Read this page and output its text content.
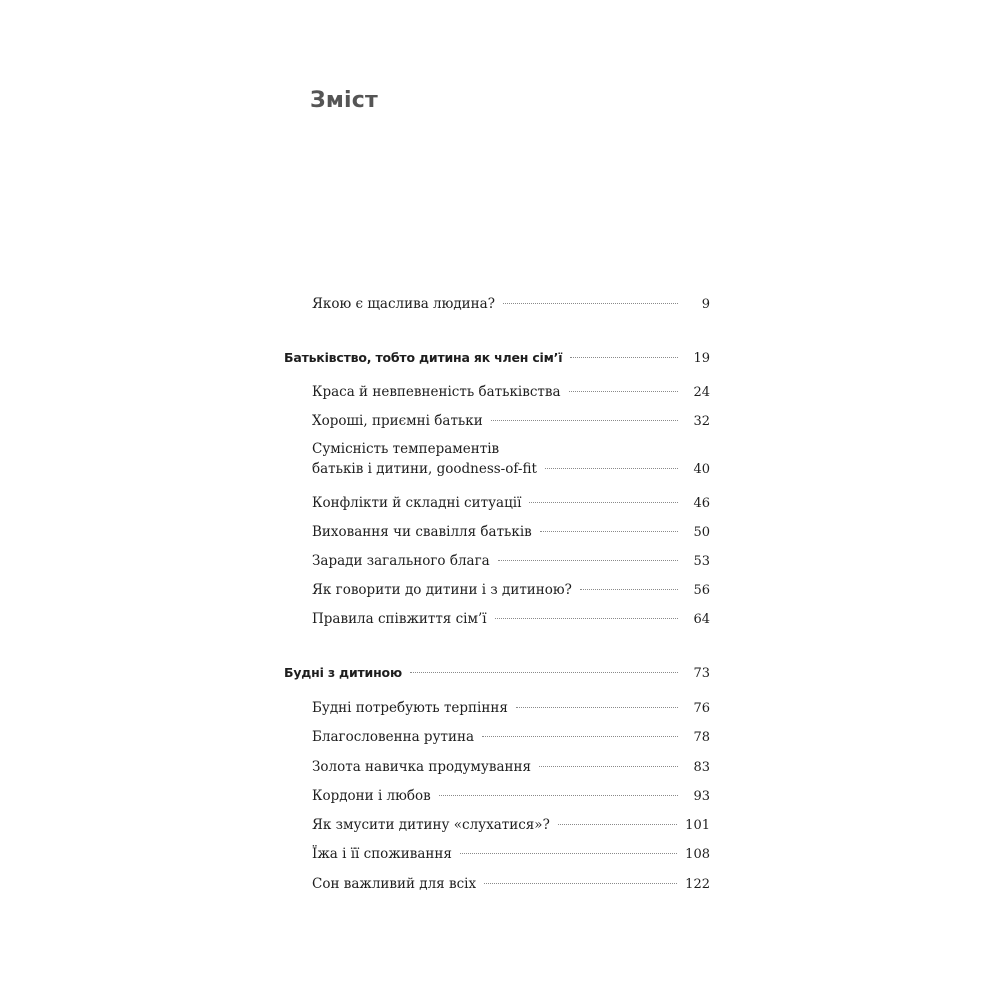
Зміст
Якою є щаслива людина?	9
Батьківство, тобто дитина як член сім’ї	19
Краса й невпевненість батьківства	24
Хороші, приємні батьки	32
Сумісність темпераментів
батьків і дитини, goodness-of-fit	40
Конфлікти й складні ситуації	46
Виховання чи свавілля батьків	50
Заради загального блага	53
Як говорити до дитини і з дитиною?	56
Правила співжиття сім’ї	64
Будні з дитиною	73
Будні потребують терпіння	76
Благословенна рутина	78
Золота навичка продумування	83
Кордони і любов	93
Як змусити дитину «слухатися»?	101
Їжа і її споживання	108
Сон важливий для всіх	122
